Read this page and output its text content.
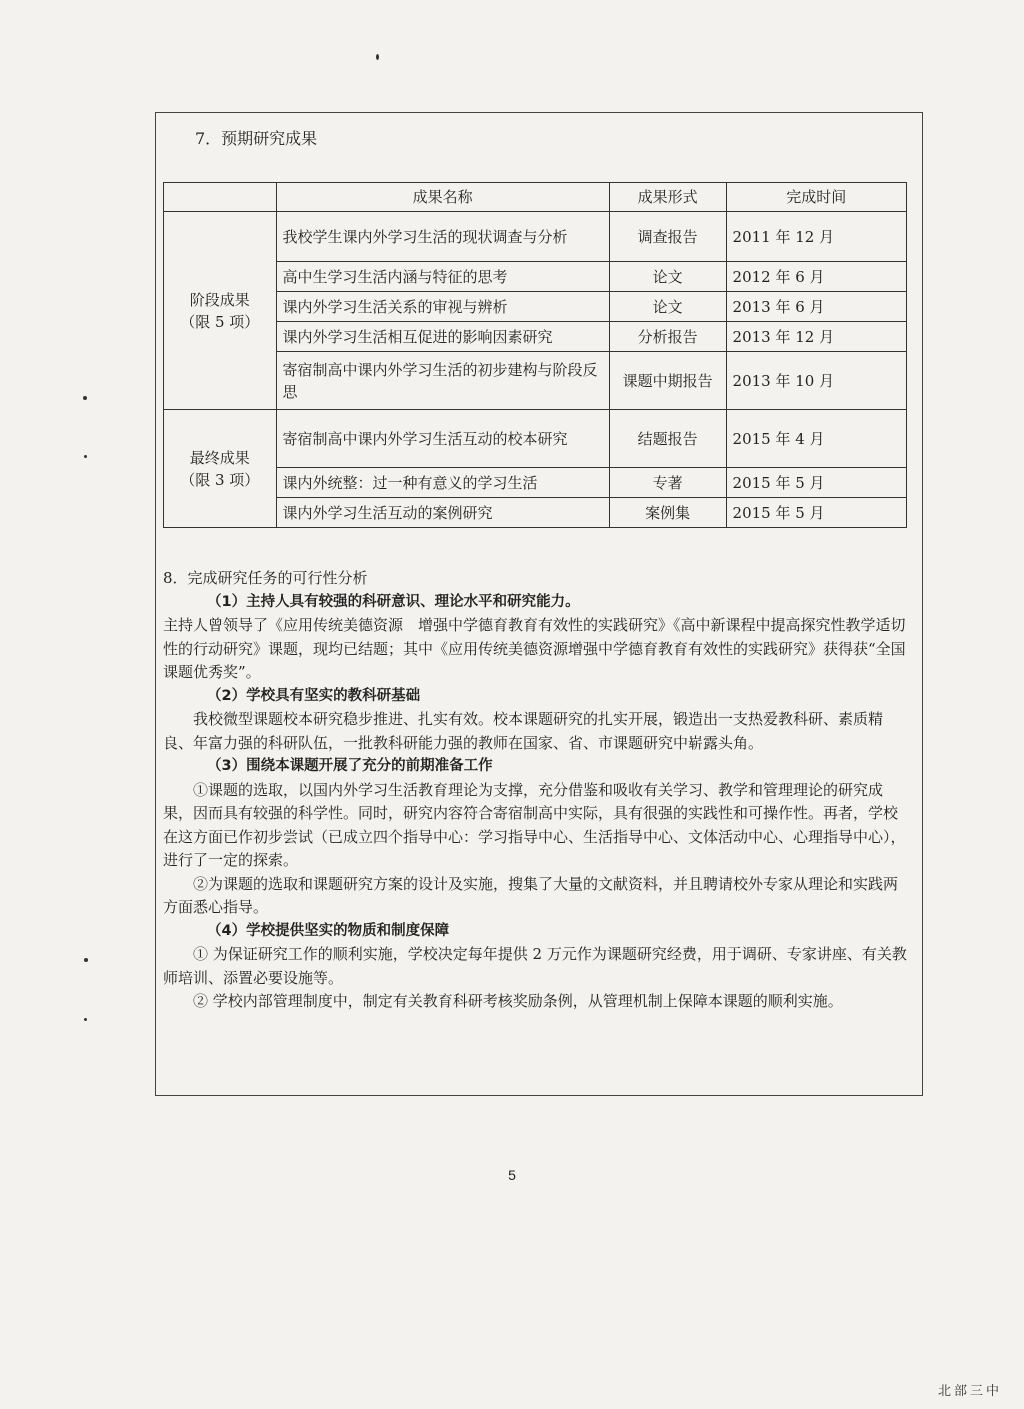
7．预期研究成果
	成果名称	成果形式	完成时间

阶段成果
（限 5 项）	我校学生课内外学习生活的现状调查与分析	调查报告	2011 年 12 月
	高中生学习生活内涵与特征的思考	论文	2012 年 6 月
	课内外学习生活关系的审视与辨析	论文	2013 年 6 月
	课内外学习生活相互促进的影响因素研究	分析报告	2013 年 12 月
	寄宿制高中课内外学习生活的初步建构与阶段反思	课题中期报告	2013 年 10 月

最终成果
（限 3 项）	寄宿制高中课内外学习生活互动的校本研究	结题报告	2015 年 4 月
	课内外统整：过一种有意义的学习生活	专著	2015 年 5 月
	课内外学习生活互动的案例研究	案例集	2015 年 5 月

8．完成研究任务的可行性分析

（1）主持人具有较强的科研意识、理论水平和研究能力。

主持人曾领导了《应用传统美德资源　增强中学德育教育有效性的实践研究》《高中新课程中提高探究性教学适切性的行动研究》课题，现均已结题；其中《应用传统美德资源增强中学德育教育有效性的实践研究》获得获“全国课题优秀奖”。

（2）学校具有坚实的教科研基础

我校微型课题校本研究稳步推进、扎实有效。校本课题研究的扎实开展，锻造出一支热爱教科研、素质精良、年富力强的科研队伍，一批教科研能力强的教师在国家、省、市课题研究中崭露头角。

（3）围绕本课题开展了充分的前期准备工作

①课题的选取，以国内外学习生活教育理论为支撑，充分借鉴和吸收有关学习、教学和管理理论的研究成果，因而具有较强的科学性。同时，研究内容符合寄宿制高中实际，具有很强的实践性和可操作性。再者，学校在这方面已作初步尝试（已成立四个指导中心：学习指导中心、生活指导中心、文体活动中心、心理指导中心），进行了一定的探索。

②为课题的选取和课题研究方案的设计及实施，搜集了大量的文献资料，并且聘请校外专家从理论和实践两方面悉心指导。

（4）学校提供坚实的物质和制度保障

① 为保证研究工作的顺利实施，学校决定每年提供 2 万元作为课题研究经费，用于调研、专家讲座、有关教师培训、添置必要设施等。

② 学校内部管理制度中，制定有关教育科研考核奖励条例，从管理机制上保障本课题的顺利实施。

5
北部三中
